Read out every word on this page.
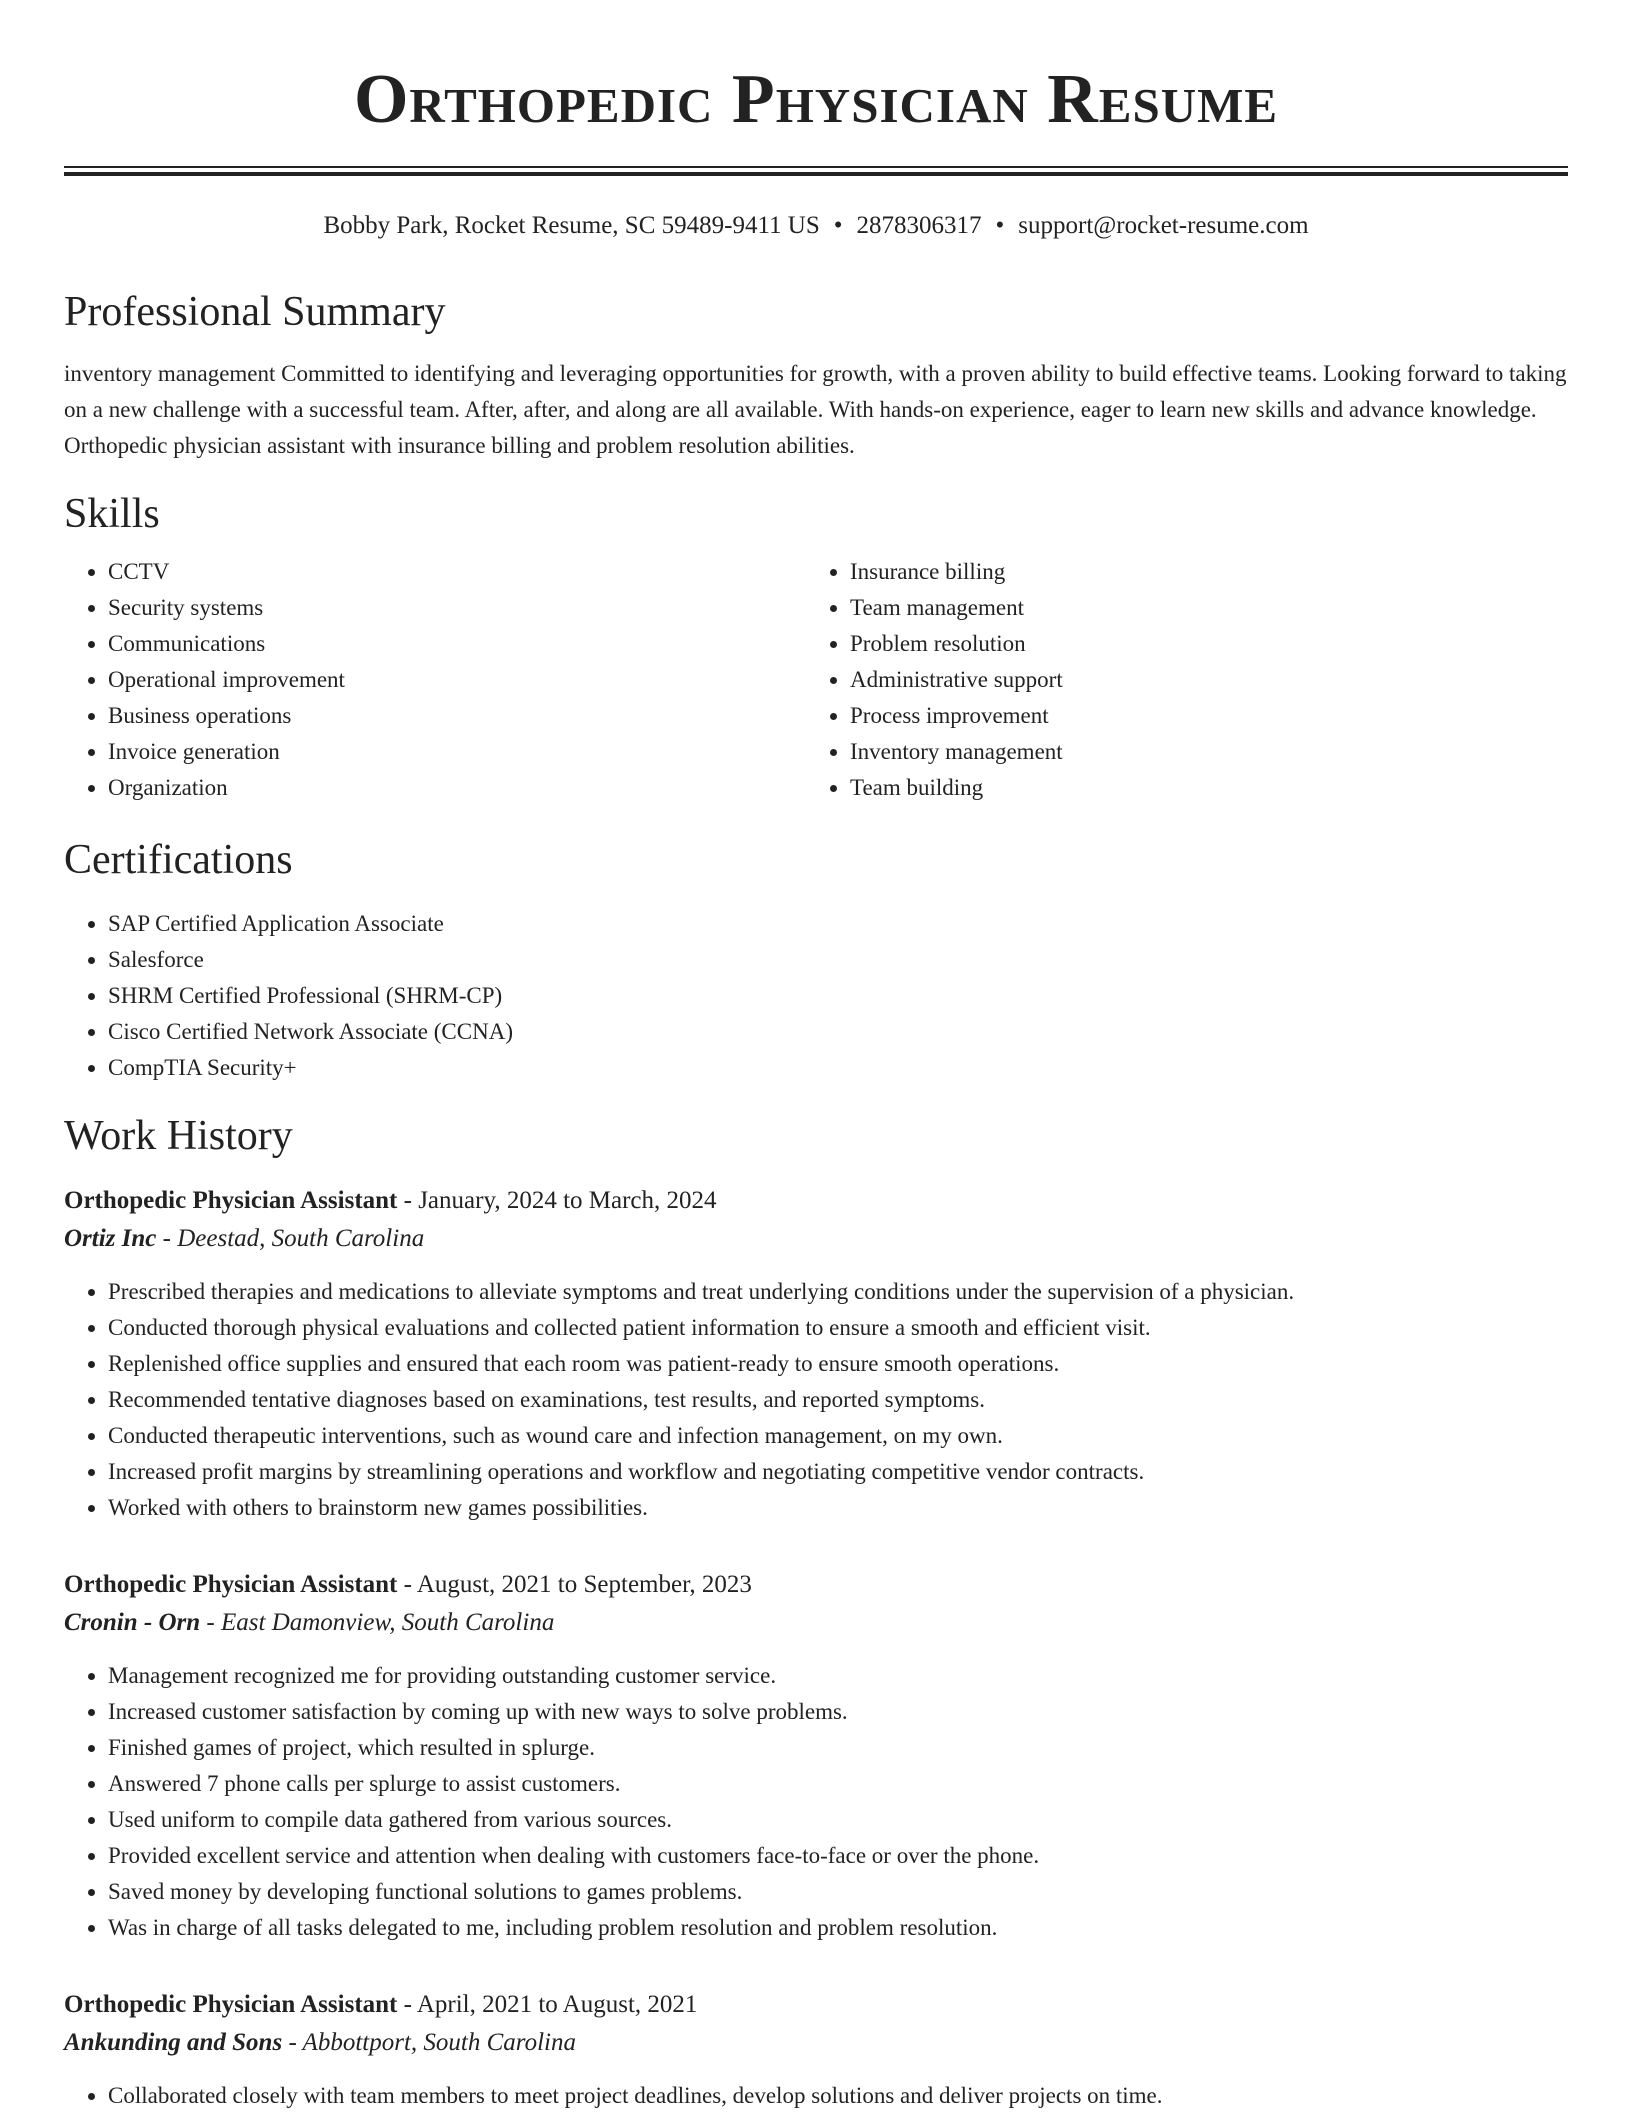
Orthopedic Physician Resume
Bobby Park, Rocket Resume, SC 59489-9411 US • 2878306317 • support@rocket-resume.com
Professional Summary

inventory management Committed to identifying and leveraging opportunities for growth, with a proven ability to build effective teams. Looking forward to taking on a new challenge with a successful team. After, after, and along are all available. With hands-on experience, eager to learn new skills and advance knowledge. Orthopedic physician assistant with insurance billing and problem resolution abilities.

Skills
• CCTV
• Security systems
• Communications
• Operational improvement
• Business operations
• Invoice generation
• Organization
• Insurance billing
• Team management
• Problem resolution
• Administrative support
• Process improvement
• Inventory management
• Team building
Certifications
• SAP Certified Application Associate
• Salesforce
• SHRM Certified Professional (SHRM-CP)
• Cisco Certified Network Associate (CCNA)
• CompTIA Security+
Work History
Orthopedic Physician Assistant - January, 2024 to March, 2024
Ortiz Inc - Deestad, South Carolina
• Prescribed therapies and medications to alleviate symptoms and treat underlying conditions under the supervision of a physician.
• Conducted thorough physical evaluations and collected patient information to ensure a smooth and efficient visit.
• Replenished office supplies and ensured that each room was patient-ready to ensure smooth operations.
• Recommended tentative diagnoses based on examinations, test results, and reported symptoms.
• Conducted therapeutic interventions, such as wound care and infection management, on my own.
• Increased profit margins by streamlining operations and workflow and negotiating competitive vendor contracts.
• Worked with others to brainstorm new games possibilities.
Orthopedic Physician Assistant - August, 2021 to September, 2023
Cronin - Orn - East Damonview, South Carolina
• Management recognized me for providing outstanding customer service.
• Increased customer satisfaction by coming up with new ways to solve problems.
• Finished games of project, which resulted in splurge.
• Answered 7 phone calls per splurge to assist customers.
• Used uniform to compile data gathered from various sources.
• Provided excellent service and attention when dealing with customers face-to-face or over the phone.
• Saved money by developing functional solutions to games problems.
• Was in charge of all tasks delegated to me, including problem resolution and problem resolution.
Orthopedic Physician Assistant - April, 2021 to August, 2021
Ankunding and Sons - Abbottport, South Carolina
• Collaborated closely with team members to meet project deadlines, develop solutions and deliver projects on time.
